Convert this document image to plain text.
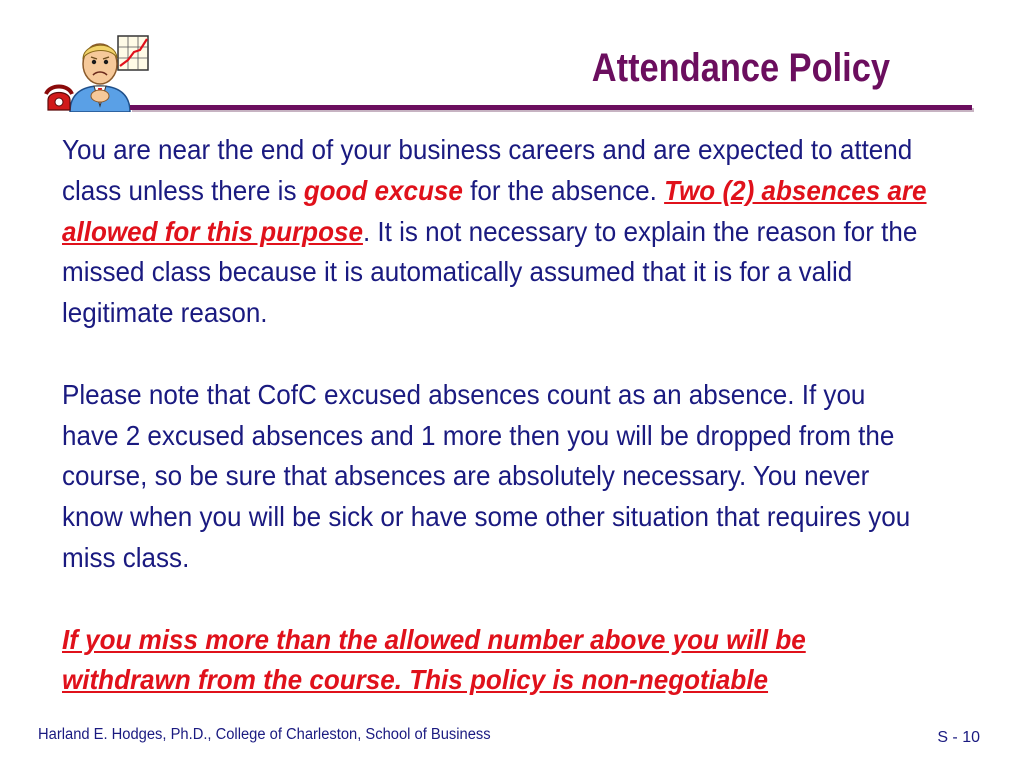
Attendance Policy

You are near the end of your business careers and are expected to attend class unless there is good excuse for the absence. Two (2) absences are allowed for this purpose. It is not necessary to explain the reason for the missed class because it is automatically assumed that it is for a valid legitimate reason.

Please note that CofC excused absences count as an absence. If you have 2 excused absences and 1 more then you will be dropped from the course, so be sure that absences are absolutely necessary. You never know when you will be sick or have some other situation that requires you miss class.

If you miss more than the allowed number above you will be withdrawn from the course. This policy is non-negotiable

Harland E. Hodges, Ph.D., College of Charleston, School of Business	S - 10
